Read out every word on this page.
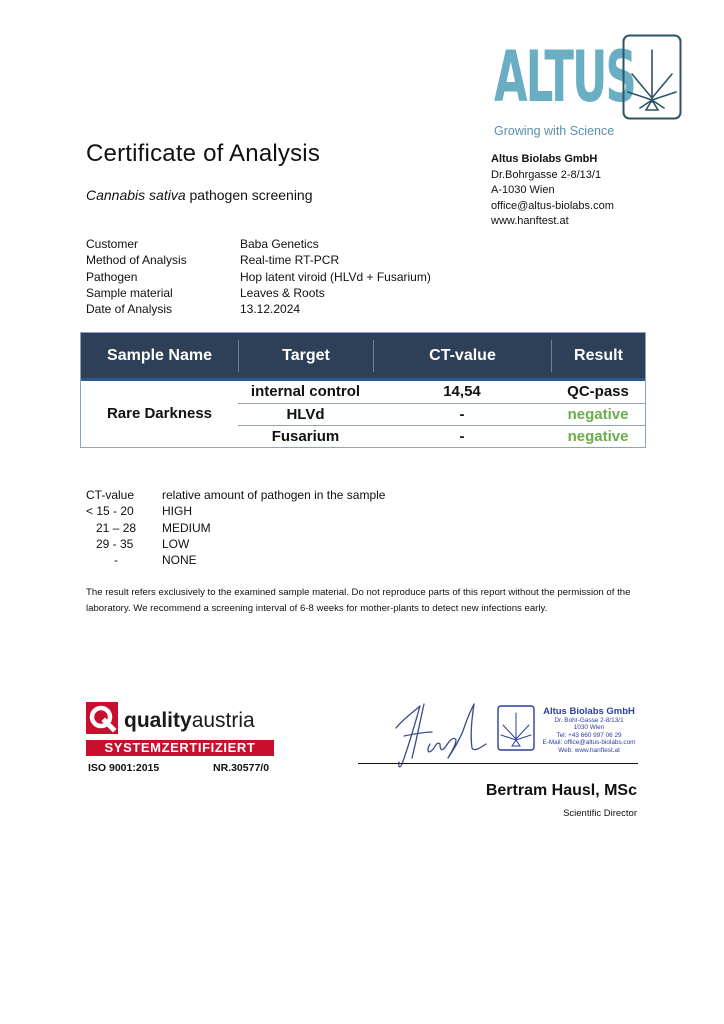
ALTUS
Growing with Science
Altus Biolabs GmbH
Dr.Bohrgasse 2-8/13/1
A-1030 Wien
office@altus-biolabs.com
www.hanftest.at
Certificate of Analysis
Cannabis sativa pathogen screening
Customer	Baba Genetics
Method of Analysis	Real-time RT-PCR
Pathogen	Hop latent viroid (HLVd + Fusarium)
Sample material	Leaves & Roots
Date of Analysis	13.12.2024
Sample Name	Target	CT-value	Result
Rare Darkness
internal control	14,54	QC-pass
HLVd	-	negative
Fusarium	-	negative
CT-value	relative amount of pathogen in the sample
< 15 - 20	HIGH
21 – 28	MEDIUM
29 - 35	LOW
-	NONE
The result refers exclusively to the examined sample material. Do not reproduce parts of this report without the permission of the laboratory. We recommend a screening interval of 6-8 weeks for mother-plants to detect new infections early.
qualityaustria
SYSTEMZERTIFIZIERT
ISO 9001:2015	NR.30577/0
Altus Biolabs GmbH
Dr. Bohr-Gasse 2-8/13/1
1030 Wien
Tel: +43 660 997 06 29
E-Mail: office@altus-biolabs.com
Web: www.hanftest.at
Bertram Hausl, MSc
Scientific Director
